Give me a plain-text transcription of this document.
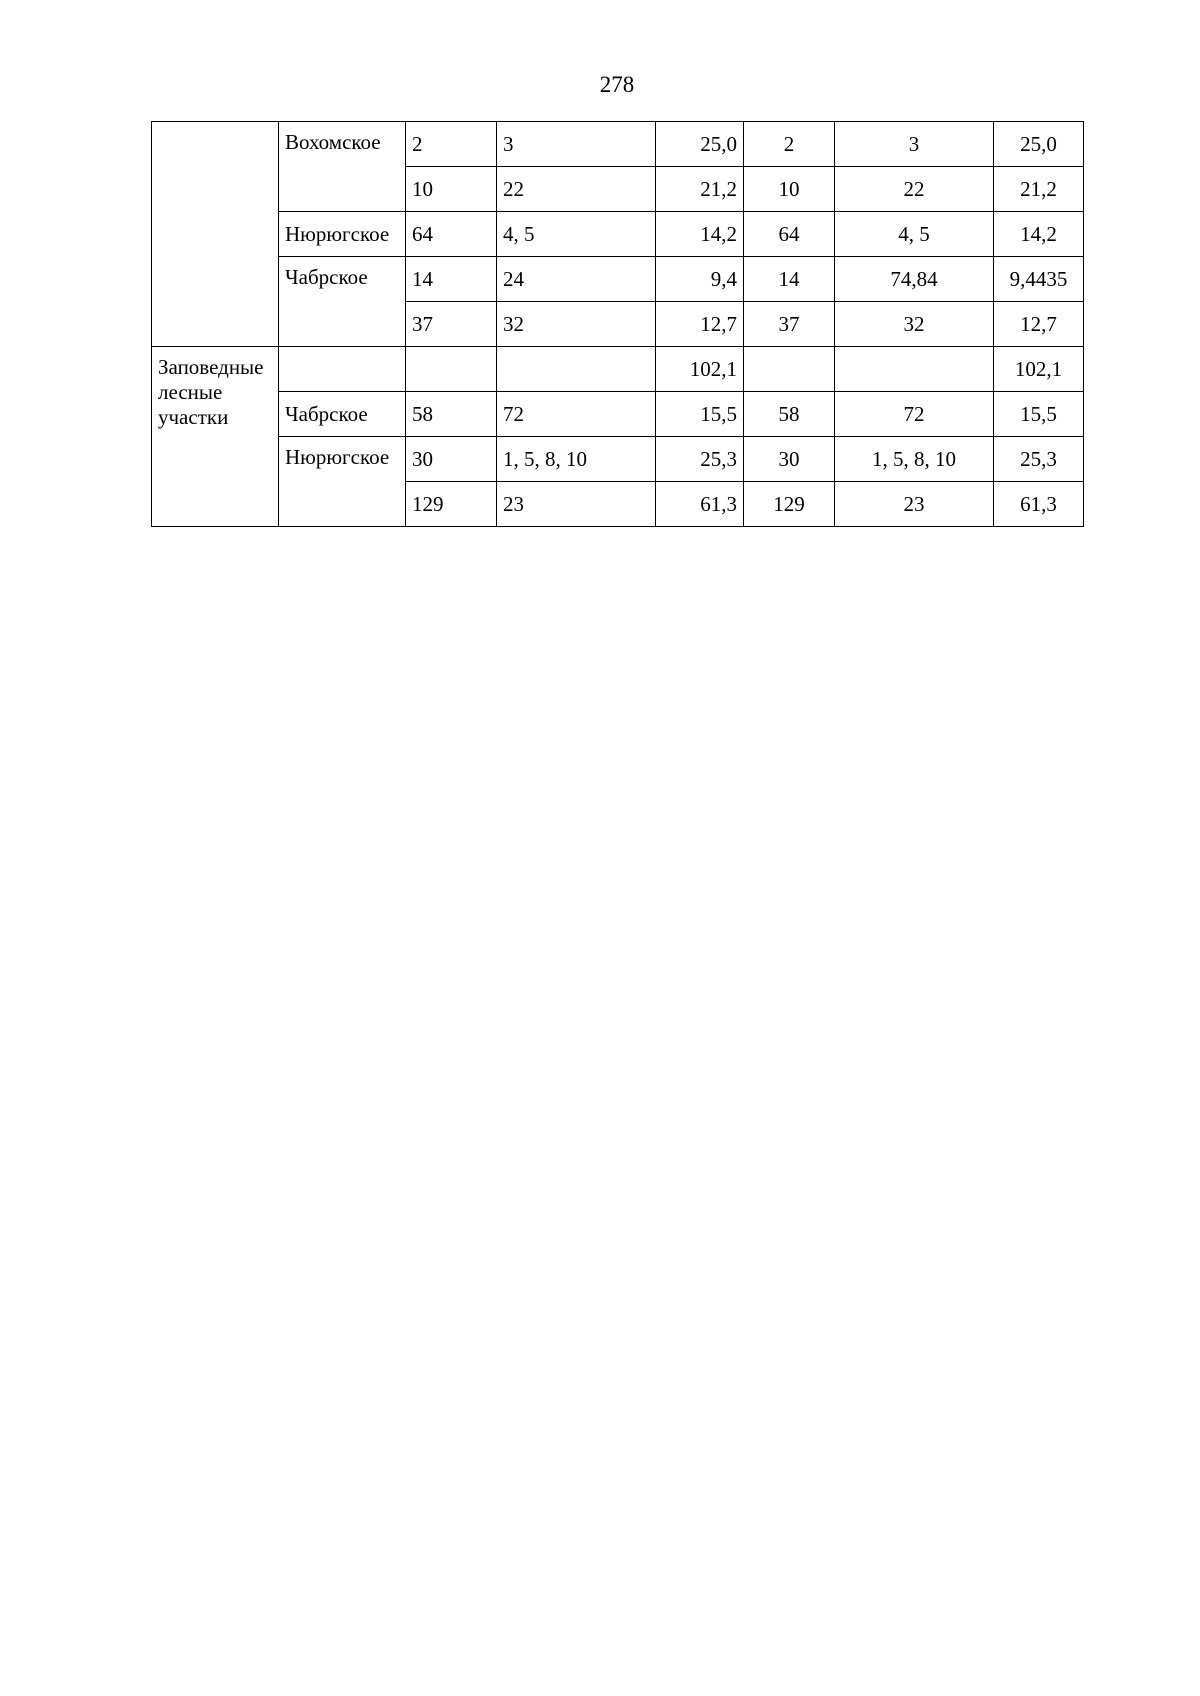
278
	Вохомское	2	3	25,0	2	3	25,0
		10	22	21,2	10	22	21,2
	Нюрюгское	64	4, 5	14,2	64	4, 5	14,2
	Чабрское	14	24	9,4	14	74,84	9,4435
		37	32	12,7	37	32	12,7
Заповедные лесные участки				102,1			102,1
	Чабрское	58	72	15,5	58	72	15,5
	Нюрюгское	30	1, 5, 8, 10	25,3	30	1, 5, 8, 10	25,3
		129	23	61,3	129	23	61,3
